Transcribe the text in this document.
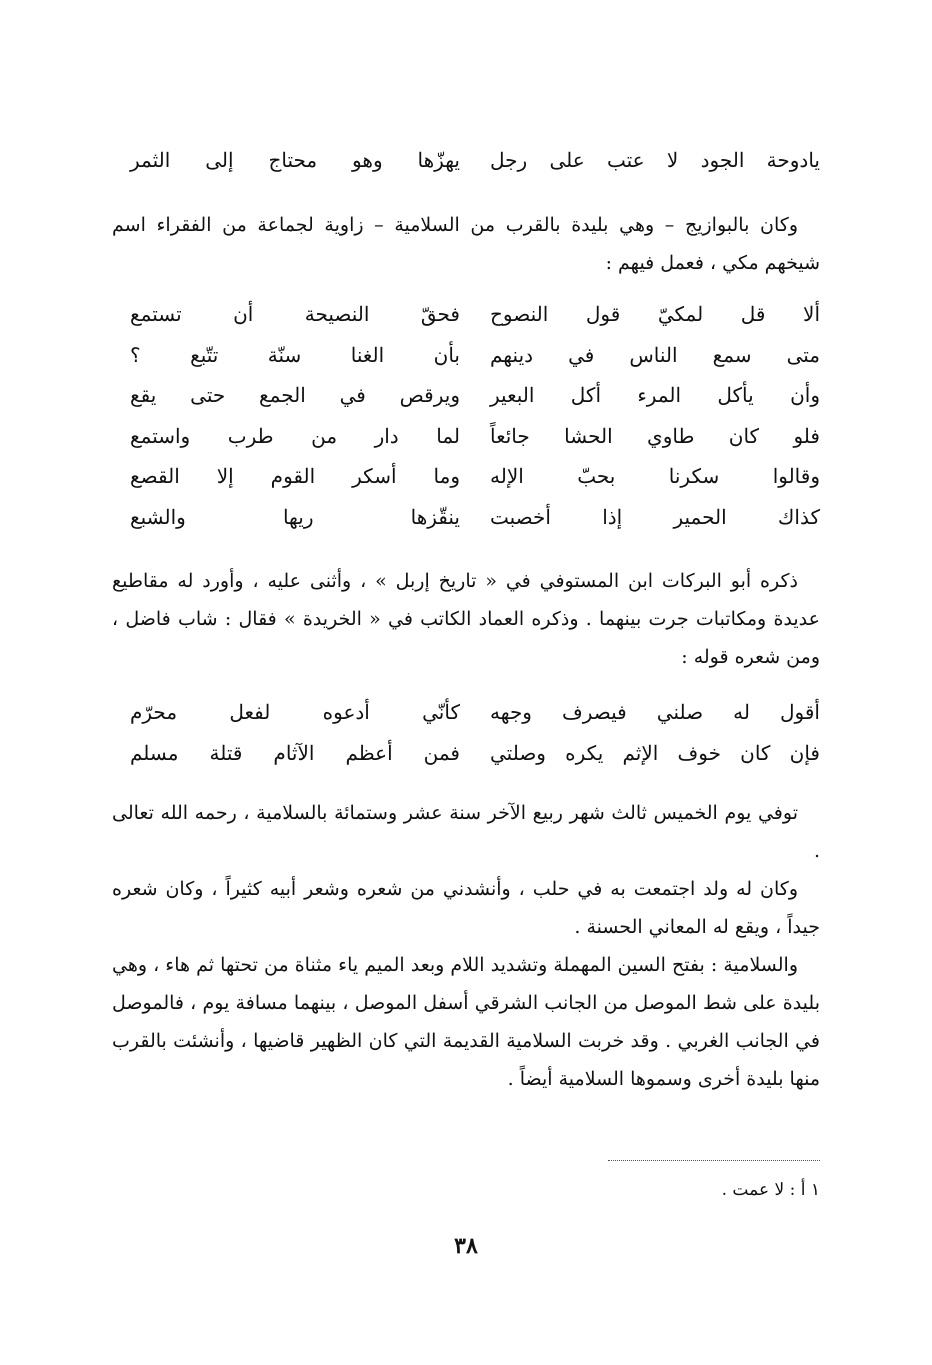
يادوحة الجود لا عتب على رجل
يهزّها وهو محتاج إلى الثمر

وكان بالبوازيج – وهي بليدة بالقرب من السلامية – زاوية لجماعة من الفقراء اسم شيخهم مكي ، فعمل فيهم :

ألا قل لمكيّ قول النصوح
فحقّ النصيحة أن تستمع
متى سمع الناس في دينهم
بأن الغنا سنّة تتّبع ؟
وأن يأكل المرء أكل البعير
ويرقص في الجمع حتى يقع
فلو كان طاوي الحشا جائعاً
لما دار من طرب واستمع
وقالوا سكرنا بحبّ الإله
وما أسكر القوم إلا القصع
كذاك الحمير إذا أخصبت
ينقّزها ريها والشبع

ذكره أبو البركات ابن المستوفي في « تاريخ إربل » ، وأثنى عليه ، وأورد له مقاطيع عديدة ومكاتبات جرت بينهما . وذكره العماد الكاتب في « الخريدة » فقال : شاب فاضل ، ومن شعره قوله :

أقول له صلني فيصرف وجهه
كأنّي أدعوه لفعل محرّم
فإن كان خوف الإثم يكره وصلتي
فمن أعظم الآثام قتلة مسلم

توفي يوم الخميس ثالث شهر ربيع الآخر سنة عشر وستمائة بالسلامية ، رحمه الله تعالى .

وكان له ولد اجتمعت به في حلب ، وأنشدني من شعره وشعر أبيه كثيراً ، وكان شعره جيداً ، ويقع له المعاني الحسنة .

والسلامية : بفتح السين المهملة وتشديد اللام وبعد الميم ياء مثناة من تحتها ثم هاء ، وهي بليدة على شط الموصل من الجانب الشرقي أسفل الموصل ، بينهما مسافة يوم ، فالموصل في الجانب الغربي . وقد خربت السلامية القديمة التي كان الظهير قاضيها ، وأنشئت بالقرب منها بليدة أخرى وسموها السلامية أيضاً .

١ أ : لا عمت .
٣٨
